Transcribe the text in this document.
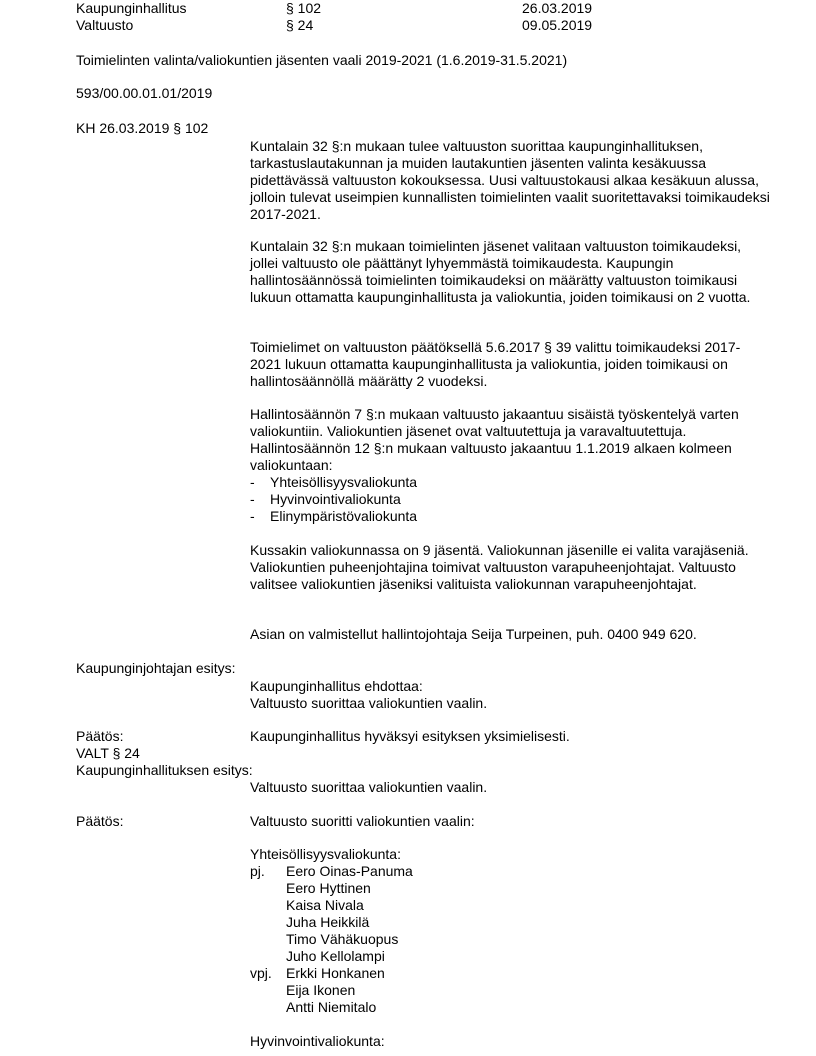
Kaupunginhallitus	§ 102	26.03.2019
Valtuusto	§ 24	09.05.2019
Toimielinten valinta/valiokuntien jäsenten vaali 2019-2021 (1.6.2019-31.5.2021)
593/00.00.01.01/2019
KH 26.03.2019 § 102

Kuntalain 32 §:n mukaan tulee valtuuston suorittaa kaupunginhallituksen, tarkastuslautakunnan ja muiden lautakuntien jäsenten valinta kesäkuussa pidettävässä valtuuston kokouksessa. Uusi valtuustokausi alkaa kesäkuun alussa, jolloin tulevat useimpien kunnallisten toimielinten vaalit suoritettavaksi toimikaudeksi 2017-2021.

Kuntalain 32 §:n mukaan toimielinten jäsenet valitaan valtuuston toimikaudeksi, jollei valtuusto ole päättänyt lyhyemmästä toimikaudesta. Kaupungin hallintosäännössä toimielinten toimikaudeksi on määrätty valtuuston toimikausi lukuun ottamatta kaupunginhallitusta ja valiokuntia, joiden toimikausi on 2 vuotta.

Toimielimet on valtuuston päätöksellä 5.6.2017 § 39 valittu toimikaudeksi 2017-2021 lukuun ottamatta kaupunginhallitusta ja valiokuntia, joiden toimikausi on hallintosäännöllä määrätty 2 vuodeksi.

Hallintosäännön 7 §:n mukaan valtuusto jakaantuu sisäistä työskentelyä varten valiokuntiin. Valiokuntien jäsenet ovat valtuutettuja ja varavaltuutettuja. Hallintosäännön 12 §:n mukaan valtuusto jakaantuu 1.1.2019 alkaen kolmeen valiokuntaan:

-	Yhteisöllisyysvaliokunta
-	Hyvinvointivaliokunta
-	Elinympäristövaliokunta

Kussakin valiokunnassa on 9 jäsentä. Valiokunnan jäsenille ei valita varajäseniä. Valiokuntien puheenjohtajina toimivat valtuuston varapuheenjohtajat. Valtuusto valitsee valiokuntien jäseniksi valituista valiokunnan varapuheenjohtajat.

Asian on valmistellut hallintojohtaja Seija Turpeinen, puh. 0400 949 620.

Kaupunginjohtajan esitys:
Kaupunginhallitus ehdottaa:
Valtuusto suorittaa valiokuntien vaalin.
Päätös:	Kaupunginhallitus hyväksyi esityksen yksimielisesti.
VALT § 24
Kaupunginhallituksen esitys:
Valtuusto suorittaa valiokuntien vaalin.
Päätös:	Valtuusto suoritti valiokuntien vaalin:
Yhteisöllisyysvaliokunta:
pj.	Eero Oinas-Panuma
Eero Hyttinen
Kaisa Nivala
Juha Heikkilä
Timo Vähäkuopus
Juho Kellolampi
vpj.	Erkki Honkanen
Eija Ikonen
Antti Niemitalo
Hyvinvointivaliokunta:
